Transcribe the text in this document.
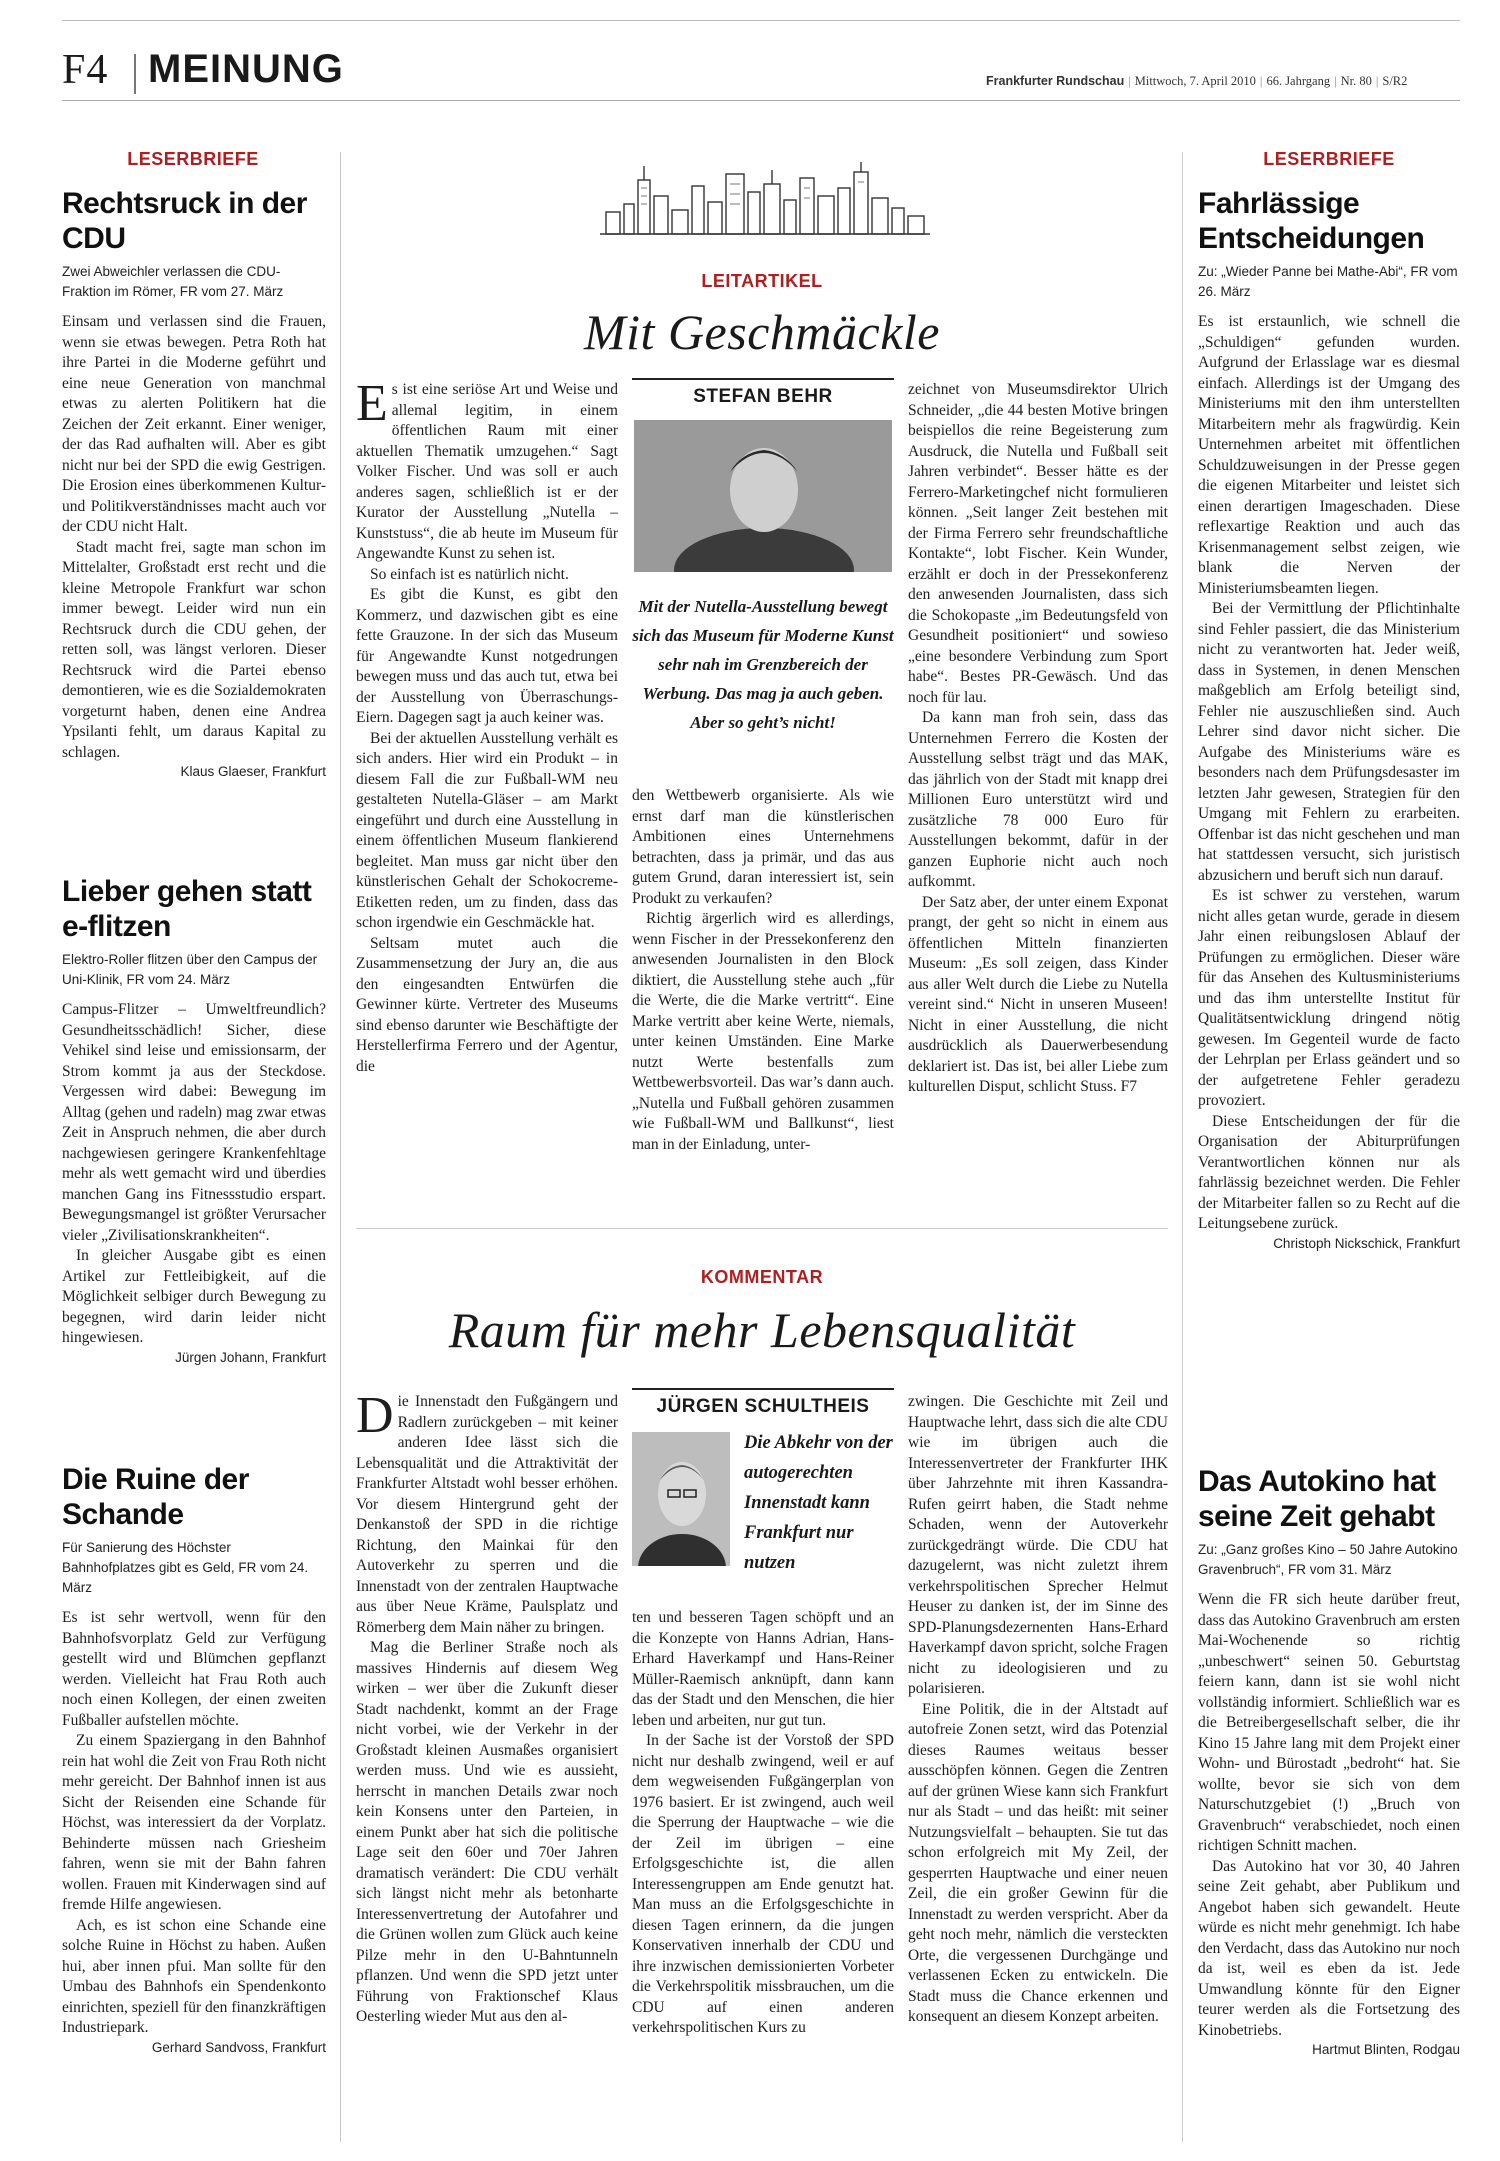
F4 MEINUNG	Frankfurter Rundschau | Mittwoch, 7. April 2010 | 66. Jahrgang | Nr. 80 | S/R2
LESERBRIEFE
Rechtsruck in der CDU
Zwei Abweichler verlassen die CDU-Fraktion im Römer, FR vom 27. März

Einsam und verlassen sind die Frauen, wenn sie etwas bewegen. Petra Roth hat ihre Partei in die Moderne geführt und eine neue Generation von manchmal etwas zu alerten Politikern hat die Zeichen der Zeit erkannt. Einer weniger, der das Rad aufhalten will. Aber es gibt nicht nur bei der SPD die ewig Gestrigen. Die Erosion eines überkommenen Kultur- und Politikverständnisses macht auch vor der CDU nicht Halt.

Stadt macht frei, sagte man schon im Mittelalter, Großstadt erst recht und die kleine Metropole Frankfurt war schon immer bewegt. Leider wird nun ein Rechtsruck durch die CDU gehen, der retten soll, was längst verloren. Dieser Rechtsruck wird die Partei ebenso demontieren, wie es die Sozialdemokraten vorgeturnt haben, denen eine Andrea Ypsilanti fehlt, um daraus Kapital zu schlagen.

Klaus Glaeser, Frankfurt
Lieber gehen statt e-flitzen
Elektro-Roller flitzen über den Campus der Uni-Klinik, FR vom 24. März

Campus-Flitzer – Umweltfreundlich? Gesundheitsschädlich! Sicher, diese Vehikel sind leise und emissionsarm, der Strom kommt ja aus der Steckdose. Vergessen wird dabei: Bewegung im Alltag (gehen und radeln) mag zwar etwas Zeit in Anspruch nehmen, die aber durch nachgewiesen geringere Krankenfehltage mehr als wett gemacht wird und überdies manchen Gang ins Fitnessstudio erspart. Bewegungsmangel ist größter Verursacher vieler „Zivilisationskrankheiten“.

In gleicher Ausgabe gibt es einen Artikel zur Fettleibigkeit, auf die Möglichkeit selbiger durch Bewegung zu begegnen, wird darin leider nicht hingewiesen.

Jürgen Johann, Frankfurt
Die Ruine der Schande
Für Sanierung des Höchster Bahnhofplatzes gibt es Geld, FR vom 24. März

Es ist sehr wertvoll, wenn für den Bahnhofsvorplatz Geld zur Verfügung gestellt wird und Blümchen gepflanzt werden. Vielleicht hat Frau Roth auch noch einen Kollegen, der einen zweiten Fußballer aufstellen möchte.

Zu einem Spaziergang in den Bahnhof rein hat wohl die Zeit von Frau Roth nicht mehr gereicht. Der Bahnhof innen ist aus Sicht der Reisenden eine Schande für Höchst, was interessiert da der Vorplatz. Behinderte müssen nach Griesheim fahren, wenn sie mit der Bahn fahren wollen. Frauen mit Kinderwagen sind auf fremde Hilfe angewiesen.

Ach, es ist schon eine Schande eine solche Ruine in Höchst zu haben. Außen hui, aber innen pfui. Man sollte für den Umbau des Bahnhofs ein Spendenkonto einrichten, speziell für den finanzkräftigen Industriepark.

Gerhard Sandvoss, Frankfurt
LEITARTIKEL
Mit Geschmäckle

Es ist eine seriöse Art und Weise und allemal legitim, in einem öffentlichen Raum mit einer aktuellen Thematik umzugehen.“ Sagt Volker Fischer. Und was soll er auch anderes sagen, schließlich ist er der Kurator der Ausstellung „Nutella – Kunststuss“, die ab heute im Museum für Angewandte Kunst zu sehen ist.

So einfach ist es natürlich nicht.

Es gibt die Kunst, es gibt den Kommerz, und dazwischen gibt es eine fette Grauzone. In der sich das Museum für Angewandte Kunst notgedrungen bewegen muss und das auch tut, etwa bei der Ausstellung von Überraschungs-Eiern. Dagegen sagt ja auch keiner was.

Bei der aktuellen Ausstellung verhält es sich anders. Hier wird ein Produkt – in diesem Fall die zur Fußball-WM neu gestalteten Nutella-Gläser – am Markt eingeführt und durch eine Ausstellung in einem öffentlichen Museum flankierend begleitet. Man muss gar nicht über den künstlerischen Gehalt der Schokocreme-Etiketten reden, um zu finden, dass das schon irgendwie ein Geschmäckle hat.

Seltsam mutet auch die Zusammensetzung der Jury an, die aus den eingesandten Entwürfen die Gewinner kürte. Vertreter des Museums sind ebenso darunter wie Beschäftigte der Herstellerfirma Ferrero und der Agentur, die

STEFAN BEHR
Mit der Nutella-Ausstellung bewegt sich das Museum für Moderne Kunst sehr nah im Grenzbereich der Werbung. Das mag ja auch geben. Aber so geht’s nicht!

den Wettbewerb organisierte. Als wie ernst darf man die künstlerischen Ambitionen eines Unternehmens betrachten, dass ja primär, und das aus gutem Grund, daran interessiert ist, sein Produkt zu verkaufen?

Richtig ärgerlich wird es allerdings, wenn Fischer in der Pressekonferenz den anwesenden Journalisten in den Block diktiert, die Ausstellung stehe auch „für die Werte, die die Marke vertritt“. Eine Marke vertritt aber keine Werte, niemals, unter keinen Umständen. Eine Marke nutzt Werte bestenfalls zum Wettbewerbsvorteil. Das war’s dann auch. „Nutella und Fußball gehören zusammen wie Fußball-WM und Ballkunst“, liest man in der Einladung, unter-

zeichnet von Museumsdirektor Ulrich Schneider, „die 44 besten Motive bringen beispiellos die reine Begeisterung zum Ausdruck, die Nutella und Fußball seit Jahren verbindet“. Besser hätte es der Ferrero-Marketingchef nicht formulieren können. „Seit langer Zeit bestehen mit der Firma Ferrero sehr freundschaftliche Kontakte“, lobt Fischer. Kein Wunder, erzählt er doch in der Pressekonferenz den anwesenden Journalisten, dass sich die Schokopaste „im Bedeutungsfeld von Gesundheit positioniert“ und sowieso „eine besondere Verbindung zum Sport habe“. Bestes PR-Gewäsch. Und das noch für lau.

Da kann man froh sein, dass das Unternehmen Ferrero die Kosten der Ausstellung selbst trägt und das MAK, das jährlich von der Stadt mit knapp drei Millionen Euro unterstützt wird und zusätzliche 78 000 Euro für Ausstellungen bekommt, dafür in der ganzen Euphorie nicht auch noch aufkommt.

Der Satz aber, der unter einem Exponat prangt, der geht so nicht in einem aus öffentlichen Mitteln finanzierten Museum: „Es soll zeigen, dass Kinder aus aller Welt durch die Liebe zu Nutella vereint sind.“ Nicht in unseren Museen! Nicht in einer Ausstellung, die nicht ausdrücklich als Dauerwerbesendung deklariert ist. Das ist, bei aller Liebe zum kulturellen Disput, schlicht Stuss. F7

KOMMENTAR
Raum für mehr Lebensqualität

Die Innenstadt den Fußgängern und Radlern zurückgeben – mit keiner anderen Idee lässt sich die Lebensqualität und die Attraktivität der Frankfurter Altstadt wohl besser erhöhen. Vor diesem Hintergrund geht der Denkanstoß der SPD in die richtige Richtung, den Mainkai für den Autoverkehr zu sperren und die Innenstadt von der zentralen Hauptwache aus über Neue Kräme, Paulsplatz und Römerberg dem Main näher zu bringen.

Mag die Berliner Straße noch als massives Hindernis auf diesem Weg wirken – wer über die Zukunft dieser Stadt nachdenkt, kommt an der Frage nicht vorbei, wie der Verkehr in der Großstadt kleinen Ausmaßes organisiert werden muss. Und wie es aussieht, herrscht in manchen Details zwar noch kein Konsens unter den Parteien, in einem Punkt aber hat sich die politische Lage seit den 60er und 70er Jahren dramatisch verändert: Die CDU verhält sich längst nicht mehr als betonharte Interessenvertretung der Autofahrer und die Grünen wollen zum Glück auch keine Pilze mehr in den U-Bahntunneln pflanzen. Und wenn die SPD jetzt unter Führung von Fraktionschef Klaus Oesterling wieder Mut aus den al-

JÜRGEN SCHULTHEIS
Die Abkehr von der autogerechten Innenstadt kann Frankfurt nur nutzen

ten und besseren Tagen schöpft und an die Konzepte von Hanns Adrian, Hans-Erhard Haverkampf und Hans-Reiner Müller-Raemisch anknüpft, dann kann das der Stadt und den Menschen, die hier leben und arbeiten, nur gut tun.

In der Sache ist der Vorstoß der SPD nicht nur deshalb zwingend, weil er auf dem wegweisenden Fußgängerplan von 1976 basiert. Er ist zwingend, auch weil die Sperrung der Hauptwache – wie die der Zeil im übrigen – eine Erfolgsgeschichte ist, die allen Interessengruppen am Ende genutzt hat. Man muss an die Erfolgsgeschichte in diesen Tagen erinnern, da die jungen Konservativen innerhalb der CDU und ihre inzwischen demissionierten Vorbeter die Verkehrspolitik missbrauchen, um die CDU auf einen anderen verkehrspolitischen Kurs zu

zwingen. Die Geschichte mit Zeil und Hauptwache lehrt, dass sich die alte CDU wie im übrigen auch die Interessenvertreter der Frankfurter IHK über Jahrzehnte mit ihren Kassandra-Rufen geirrt haben, die Stadt nehme Schaden, wenn der Autoverkehr zurückgedrängt würde. Die CDU hat dazugelernt, was nicht zuletzt ihrem verkehrspolitischen Sprecher Helmut Heuser zu danken ist, der im Sinne des SPD-Planungsdezernenten Hans-Erhard Haverkampf davon spricht, solche Fragen nicht zu ideologisieren und zu polarisieren.

Eine Politik, die in der Altstadt auf autofreie Zonen setzt, wird das Potenzial dieses Raumes weitaus besser ausschöpfen können. Gegen die Zentren auf der grünen Wiese kann sich Frankfurt nur als Stadt – und das heißt: mit seiner Nutzungsvielfalt – behaupten. Sie tut das schon erfolgreich mit My Zeil, der gesperrten Hauptwache und einer neuen Zeil, die ein großer Gewinn für die Innenstadt zu werden verspricht. Aber da geht noch mehr, nämlich die versteckten Orte, die vergessenen Durchgänge und verlassenen Ecken zu entwickeln. Die Stadt muss die Chance erkennen und konsequent an diesem Konzept arbeiten.

LESERBRIEFE
Fahrlässige Entscheidungen
Zu: „Wieder Panne bei Mathe-Abi“, FR vom 26. März

Es ist erstaunlich, wie schnell die „Schuldigen“ gefunden wurden. Aufgrund der Erlasslage war es diesmal einfach. Allerdings ist der Umgang des Ministeriums mit den ihm unterstellten Mitarbeitern mehr als fragwürdig. Kein Unternehmen arbeitet mit öffentlichen Schuldzuweisungen in der Presse gegen die eigenen Mitarbeiter und leistet sich einen derartigen Imageschaden. Diese reflexartige Reaktion und auch das Krisenmanagement selbst zeigen, wie blank die Nerven der Ministeriumsbeamten liegen.

Bei der Vermittlung der Pflichtinhalte sind Fehler passiert, die das Ministerium nicht zu verantworten hat. Jeder weiß, dass in Systemen, in denen Menschen maßgeblich am Erfolg beteiligt sind, Fehler nie auszuschließen sind. Auch Lehrer sind davor nicht sicher. Die Aufgabe des Ministeriums wäre es besonders nach dem Prüfungsdesaster im letzten Jahr gewesen, Strategien für den Umgang mit Fehlern zu erarbeiten. Offenbar ist das nicht geschehen und man hat stattdessen versucht, sich juristisch abzusichern und beruft sich nun darauf.

Es ist schwer zu verstehen, warum nicht alles getan wurde, gerade in diesem Jahr einen reibungslosen Ablauf der Prüfungen zu ermöglichen. Dieser wäre für das Ansehen des Kultusministeriums und das ihm unterstellte Institut für Qualitätsentwicklung dringend nötig gewesen. Im Gegenteil wurde de facto der Lehrplan per Erlass geändert und so der aufgetretene Fehler geradezu provoziert.

Diese Entscheidungen der für die Organisation der Abiturprüfungen Verantwortlichen können nur als fahrlässig bezeichnet werden. Die Fehler der Mitarbeiter fallen so zu Recht auf die Leitungsebene zurück.

Christoph Nickschick, Frankfurt
Das Autokino hat seine Zeit gehabt
Zu: „Ganz großes Kino – 50 Jahre Autokino Gravenbruch“, FR vom 31. März

Wenn die FR sich heute darüber freut, dass das Autokino Gravenbruch am ersten Mai-Wochenende so richtig „unbeschwert“ seinen 50. Geburtstag feiern kann, dann ist sie wohl nicht vollständig informiert. Schließlich war es die Betreibergesellschaft selber, die ihr Kino 15 Jahre lang mit dem Projekt einer Wohn- und Bürostadt „bedroht“ hat. Sie wollte, bevor sie sich von dem Naturschutzgebiet (!) „Bruch von Gravenbruch“ verabschiedet, noch einen richtigen Schnitt machen.

Das Autokino hat vor 30, 40 Jahren seine Zeit gehabt, aber Publikum und Angebot haben sich gewandelt. Heute würde es nicht mehr genehmigt. Ich habe den Verdacht, dass das Autokino nur noch da ist, weil es eben da ist. Jede Umwandlung könnte für den Eigner teurer werden als die Fortsetzung des Kinobetriebs.

Hartmut Blinten, Rodgau
